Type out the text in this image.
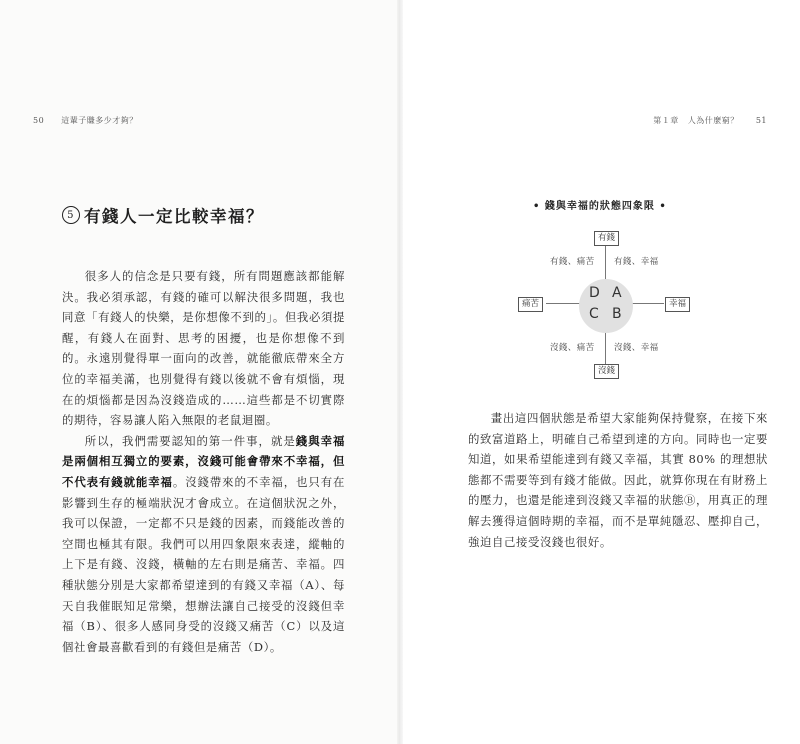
50 這輩子賺多少才夠？	第１章 人為什麼窮？ 51
5 有錢人一定比較幸福？

很多人的信念是只要有錢，所有問題應該都能解決。我必須承認，有錢的確可以解決很多問題，我也同意「有錢人的快樂，是你想像不到的」。但我必須提醒，有錢人在面對、思考的困擾，也是你想像不到的。永遠別覺得單一面向的改善，就能徹底帶來全方位的幸福美滿，也別覺得有錢以後就不會有煩惱，現在的煩惱都是因為沒錢造成的……這些都是不切實際的期待，容易讓人陷入無限的老鼠迴圈。

所以，我們需要認知的第一件事，就是錢與幸福是兩個相互獨立的要素，沒錢可能會帶來不幸福，但不代表有錢就能幸福。沒錢帶來的不幸福，也只有在影響到生存的極端狀況才會成立。在這個狀況之外，我可以保證，一定都不只是錢的因素，而錢能改善的空間也極其有限。我們可以用四象限來表達，縱軸的上下是有錢、沒錢，橫軸的左右則是痛苦、幸福。四種狀態分別是大家都希望達到的有錢又幸福（A）、每天自我催眠知足常樂，想辦法讓自己接受的沒錢但幸福（B）、很多人感同身受的沒錢又痛苦（C）以及這個社會最喜歡看到的有錢但是痛苦（D）。

• 錢與幸福的狀態四象限 •
有錢
沒錢
痛苦	幸福
有錢、痛苦 有錢、幸福
沒錢、痛苦 沒錢、幸福
D A
C B

畫出這四個狀態是希望大家能夠保持覺察，在接下來的致富道路上，明確自己希望到達的方向。同時也一定要知道，如果希望能達到有錢又幸福，其實 80% 的理想狀態都不需要等到有錢才能做。因此，就算你現在有財務上的壓力，也還是能達到沒錢又幸福的狀態Ⓑ，用真正的理解去獲得這個時期的幸福，而不是單純隱忍、壓抑自己，強迫自己接受沒錢也很好。
